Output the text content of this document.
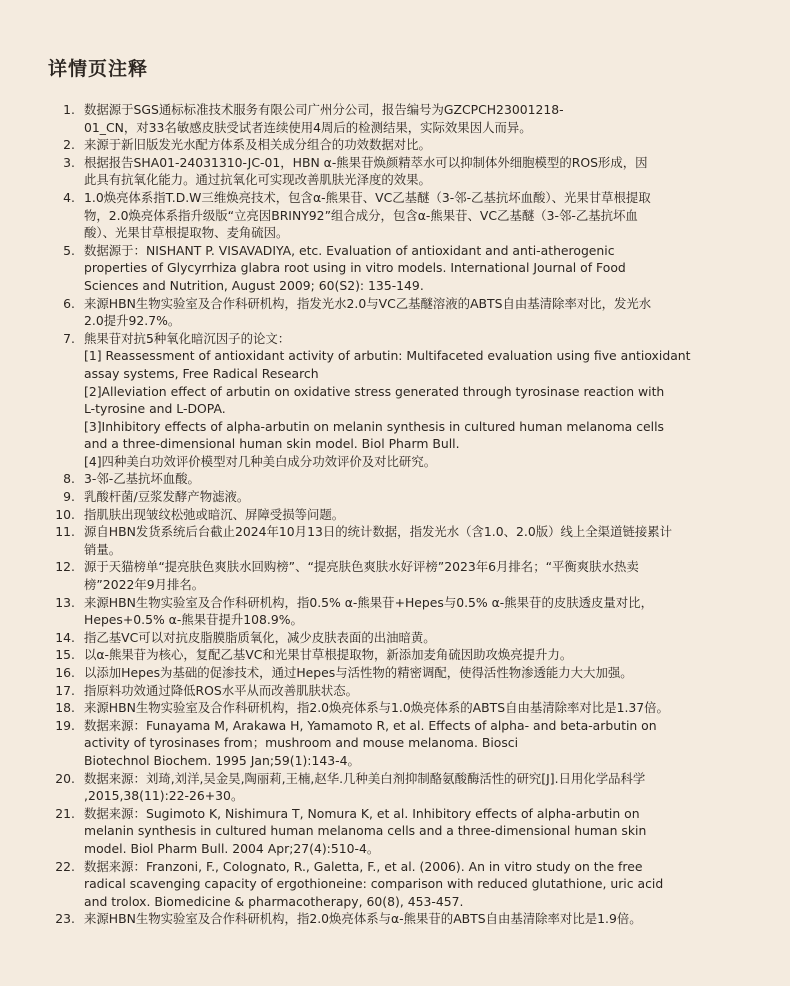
详情页注释
1. 数据源于SGS通标标准技术服务有限公司广州分公司，报告编号为GZCPCH23001218-
01_CN，对33名敏感皮肤受试者连续使用4周后的检测结果，实际效果因人而异。
2. 来源于新旧版发光水配方体系及相关成分组合的功效数据对比。
3. 根据报告SHA01-24031310-JC-01，HBN α-熊果苷焕颜精萃水可以抑制体外细胞模型的ROS形成，因
此具有抗氧化能力。通过抗氧化可实现改善肌肤光泽度的效果。
4. 1.0焕亮体系指T.D.W三维焕亮技术，包含α-熊果苷、VC乙基醚（3-邻-乙基抗坏血酸）、光果甘草根提取
物，2.0焕亮体系指升级版“立亮因BRINY92”组合成分，包含α-熊果苷、VC乙基醚（3-邻-乙基抗坏血
酸）、光果甘草根提取物、麦角硫因。
5. 数据源于：NISHANT P. VISAVADIYA, etc. Evaluation of antioxidant and anti-atherogenic
properties of Glycyrrhiza glabra root using in vitro models. International Journal of Food
Sciences and Nutrition, August 2009; 60(S2): 135-149.
6. 来源HBN生物实验室及合作科研机构，指发光水2.0与VC乙基醚溶液的ABTS自由基清除率对比，发光水
2.0提升92.7%。
7. 熊果苷对抗5种氧化暗沉因子的论文：
[1] Reassessment of antioxidant activity of arbutin: Multifaceted evaluation using five antioxidant
assay systems, Free Radical Research
[2]Alleviation effect of arbutin on oxidative stress generated through tyrosinase reaction with
L-tyrosine and L-DOPA.
[3]Inhibitory effects of alpha-arbutin on melanin synthesis in cultured human melanoma cells
and a three-dimensional human skin model. Biol Pharm Bull.
[4]四种美白功效评价模型对几种美白成分功效评价及对比研究。
8. 3-邻-乙基抗坏血酸。
9. 乳酸杆菌/豆浆发酵产物滤液。
10. 指肌肤出现皱纹松弛或暗沉、屏障受损等问题。
11. 源自HBN发货系统后台截止2024年10月13日的统计数据，指发光水（含1.0、2.0版）线上全渠道链接累计
销量。
12. 源于天猫榜单“提亮肤色爽肤水回购榜”、“提亮肤色爽肤水好评榜”2023年6月排名；“平衡爽肤水热卖
榜”2022年9月排名。
13. 来源HBN生物实验室及合作科研机构，指0.5% α-熊果苷+Hepes与0.5% α-熊果苷的皮肤透皮量对比，
Hepes+0.5% α-熊果苷提升108.9%。
14. 指乙基VC可以对抗皮脂膜脂质氧化，减少皮肤表面的出油暗黄。
15. 以α-熊果苷为核心，复配乙基VC和光果甘草根提取物，新添加麦角硫因助攻焕亮提升力。
16. 以添加Hepes为基础的促渗技术，通过Hepes与活性物的精密调配，使得活性物渗透能力大大加强。
17. 指原料功效通过降低ROS水平从而改善肌肤状态。
18. 来源HBN生物实验室及合作科研机构，指2.0焕亮体系与1.0焕亮体系的ABTS自由基清除率对比是1.37倍。
19. 数据来源：Funayama M, Arakawa H, Yamamoto R, et al. Effects of alpha- and beta-arbutin on
activity of tyrosinases from；mushroom and mouse melanoma. Biosci
Biotechnol Biochem. 1995 Jan;59(1):143-4。
20. 数据来源：刘琦,刘洋,吴金昊,陶丽莉,王楠,赵华.几种美白剂抑制酪氨酸酶活性的研究[J].日用化学品科学
,2015,38(11):22-26+30。
21. 数据来源：Sugimoto K, Nishimura T, Nomura K, et al. Inhibitory effects of alpha-arbutin on
melanin synthesis in cultured human melanoma cells and a three-dimensional human skin
model. Biol Pharm Bull. 2004 Apr;27(4):510-4。
22. 数据来源：Franzoni, F., Colognato, R., Galetta, F., et al. (2006). An in vitro study on the free
radical scavenging capacity of ergothioneine: comparison with reduced glutathione, uric acid
and trolox. Biomedicine & pharmacotherapy, 60(8), 453-457.
23. 来源HBN生物实验室及合作科研机构，指2.0焕亮体系与α-熊果苷的ABTS自由基清除率对比是1.9倍。
